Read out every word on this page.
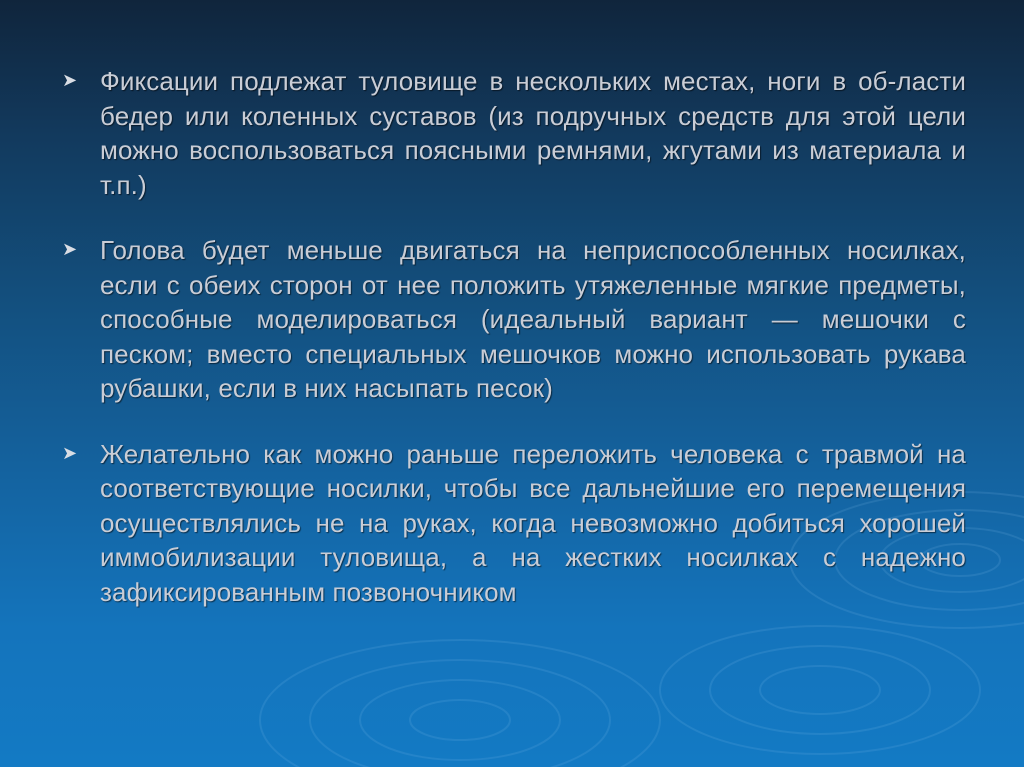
➤ Фиксации подлежат туловище в нескольких местах, ноги в об-ласти бедер или коленных суставов (из подручных средств для этой цели можно воспользоваться поясными ремнями, жгутами из материала и т.п.)
➤ Голова будет меньше двигаться на неприспособленных носилках, если с обеих сторон от нее положить утяжеленные мягкие предметы, способные моделироваться (идеальный вариант — мешочки с песком; вместо специальных мешочков можно использовать рукава рубашки, если в них насыпать песок)
➤ Желательно как можно раньше переложить человека с травмой на соответствующие носилки, чтобы все дальнейшие его перемещения осуществлялись не на руках, когда невозможно добиться хорошей иммобилизации туловища, а на жестких носилках с надежно зафиксированным позвоночником
